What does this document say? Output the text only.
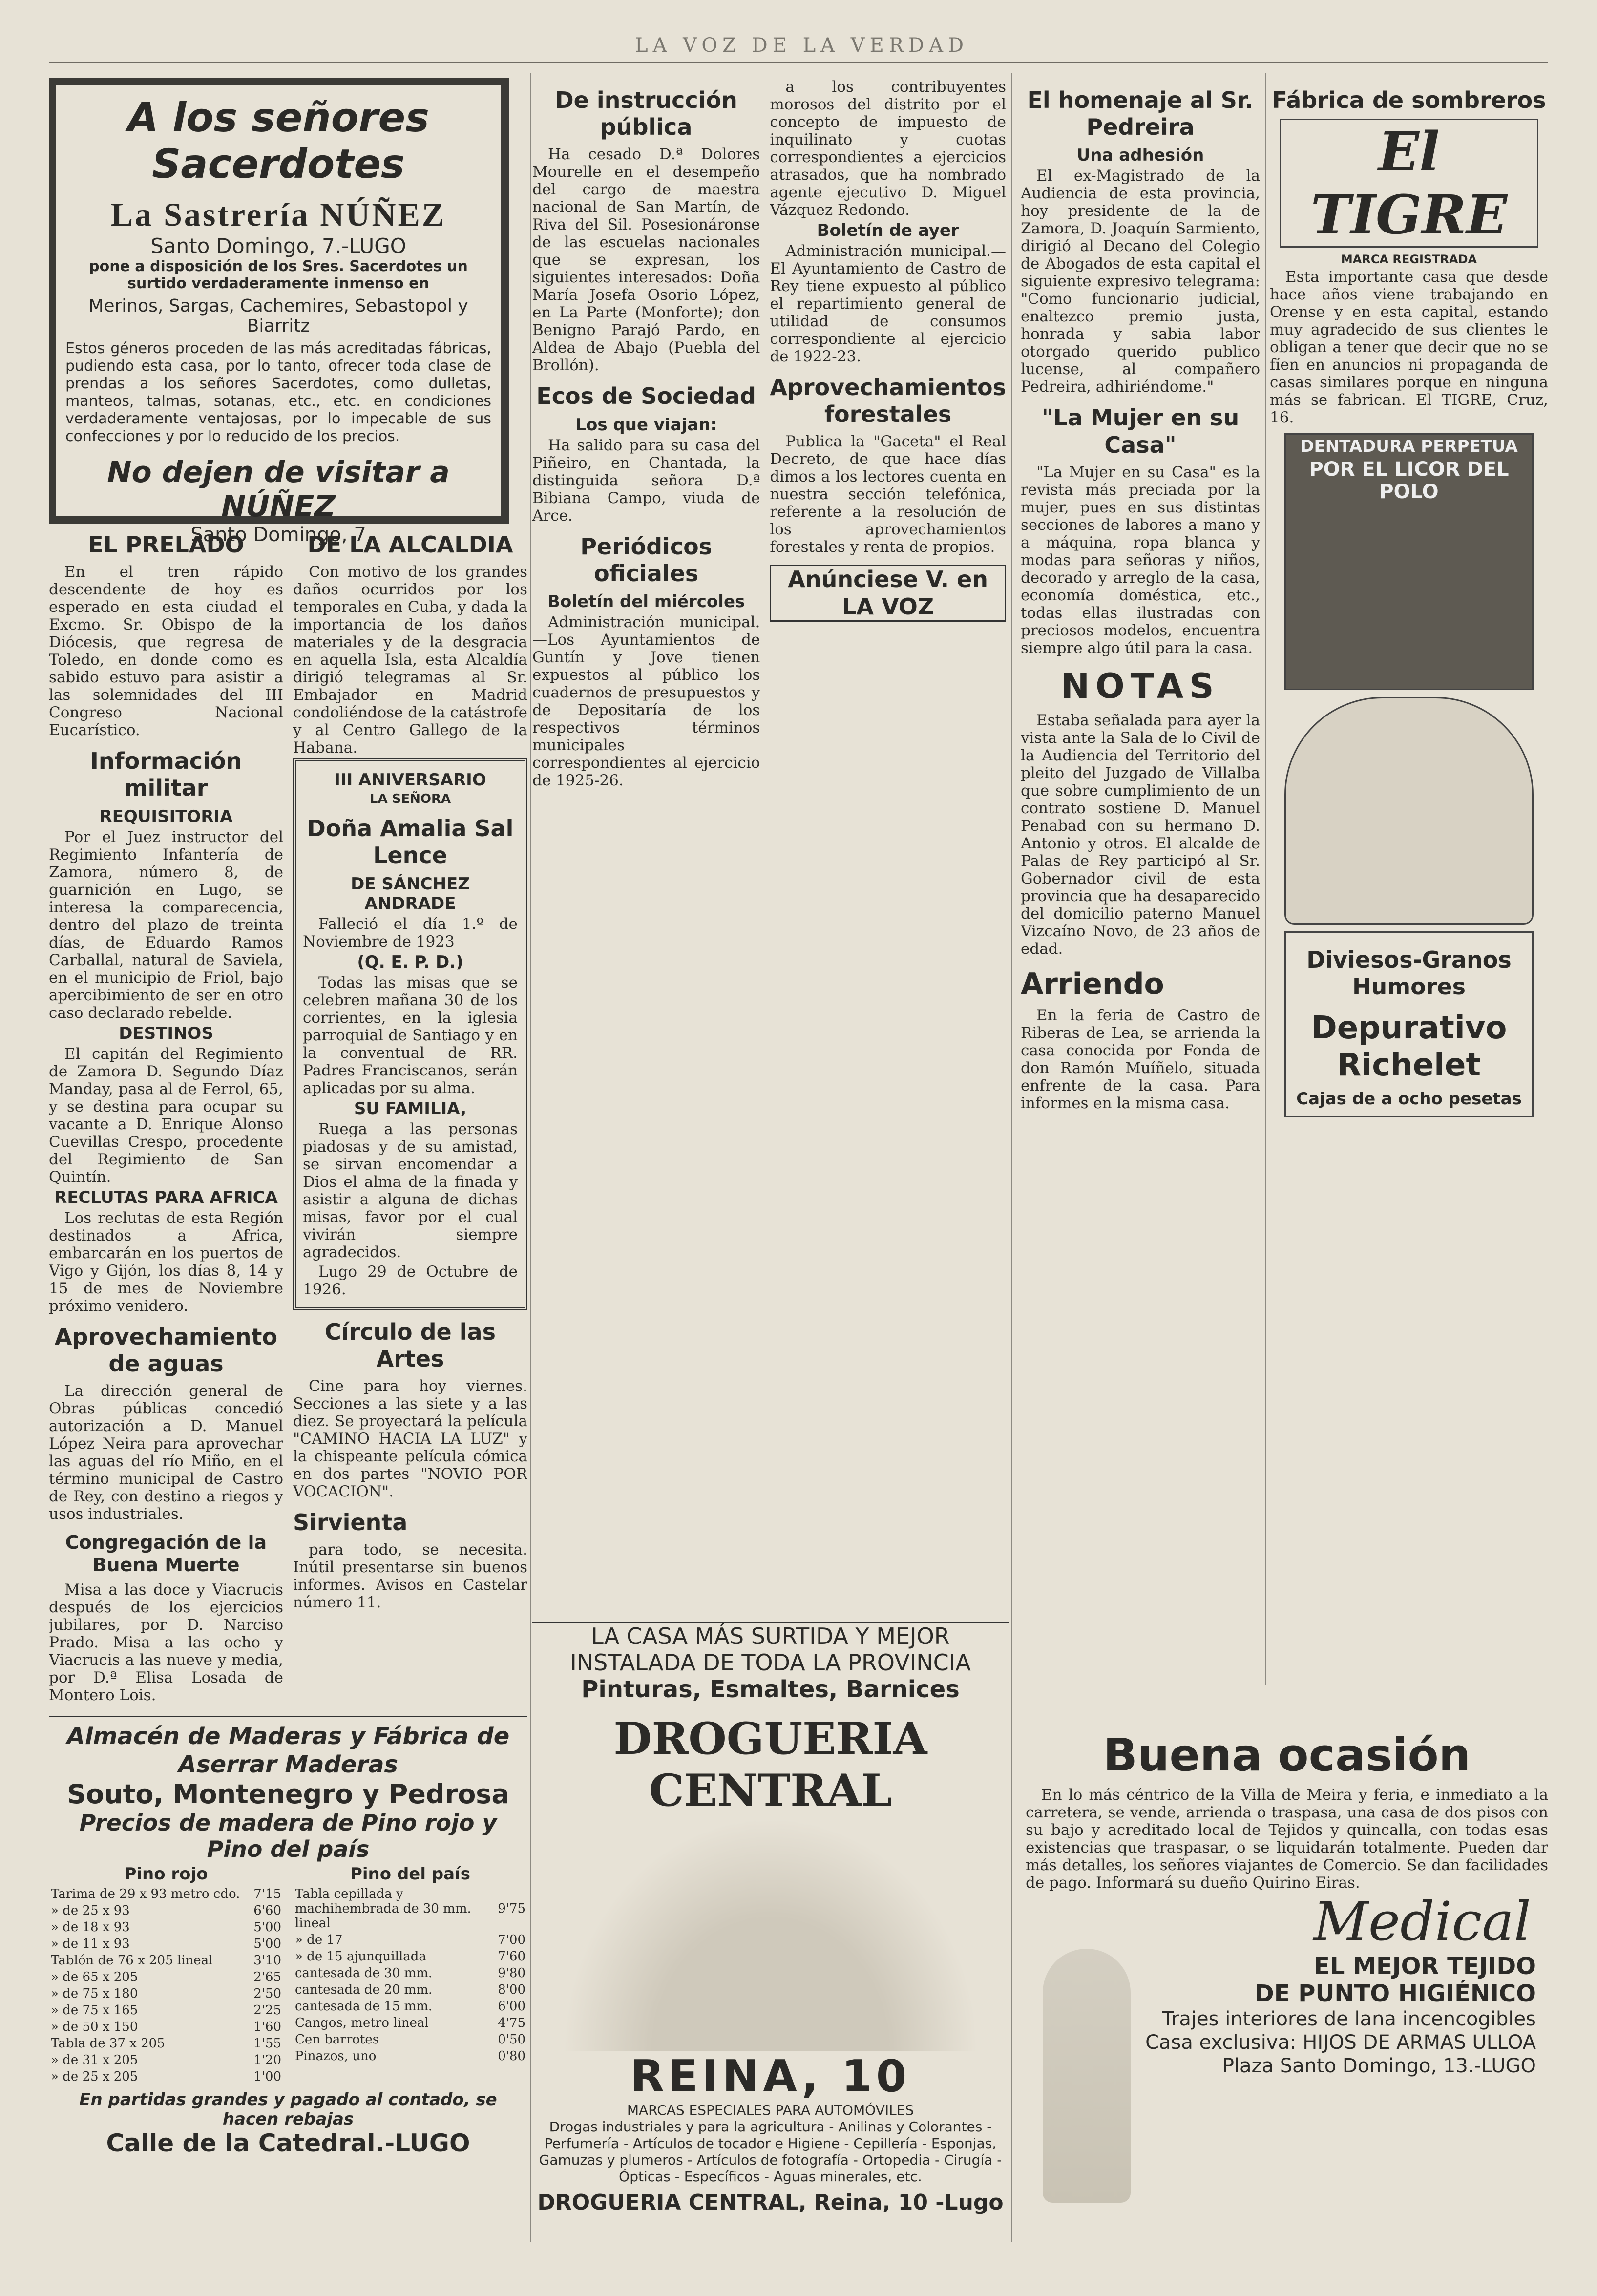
LA VOZ DE LA VERDAD
A los señores Sacerdotes
La Sastrería NÚÑEZ
Santo Domingo, 7.-LUGO
pone a disposición de los Sres. Sacerdotes un surtido verdaderamente inmenso en
Merinos, Sargas, Cachemires, Sebastopol y Biarritz
Estos géneros proceden de las más acreditadas fábricas, pudiendo esta casa, por lo tanto, ofrecer toda clase de prendas a los señores Sacerdotes, como dulletas, manteos, talmas, sotanas, etc., etc. en condiciones verdaderamente ventajosas, por lo impecable de sus confecciones y por lo reducido de los precios.
No dejen de visitar a NÚÑEZ
Santo Domingo, 7
EL PRELADO

En el tren rápido descendente de hoy es esperado en esta ciudad el Excmo. Sr. Obispo de la Diócesis, que regresa de Toledo, en donde como es sabido estuvo para asistir a las solemnidades del III Congreso Nacional Eucarístico.

Información militar
REQUISITORIA

Por el Juez instructor del Regimiento Infantería de Zamora, número 8, de guarnición en Lugo, se interesa la comparecencia, dentro del plazo de treinta días, de Eduardo Ramos Carballal, natural de Saviela, en el municipio de Friol, bajo apercibimiento de ser en otro caso declarado rebelde.

DESTINOS

El capitán del Regimiento de Zamora D. Segundo Díaz Manday, pasa al de Ferrol, 65, y se destina para ocupar su vacante a D. Enrique Alonso Cuevillas Crespo, procedente del Regimiento de San Quintín.

RECLUTAS PARA AFRICA

Los reclutas de esta Región destinados a Africa, embarcarán en los puertos de Vigo y Gijón, los días 8, 14 y 15 de mes de Noviembre próximo venidero.

Aprovechamiento de aguas

La dirección general de Obras públicas concedió autorización a D. Manuel López Neira para aprovechar las aguas del río Miño, en el término municipal de Castro de Rey, con destino a riegos y usos industriales.

Congregación de la Buena Muerte

Misa a las doce y Viacrucis después de los ejercicios jubilares, por D. Narciso Prado. Misa a las ocho y Viacrucis a las nueve y media, por D.ª Elisa Losada de Montero Lois.

DE LA ALCALDIA

Con motivo de los grandes daños ocurridos por los temporales en Cuba, y dada la importancia de los daños materiales y de la desgracia en aquella Isla, esta Alcaldía dirigió telegramas al Sr. Embajador en Madrid condoliéndose de la catástrofe y al Centro Gallego de la Habana.

III ANIVERSARIO
LA SEÑORA
Doña Amalia Sal Lence
DE SÁNCHEZ ANDRADE

Falleció el día 1.º de Noviembre de 1923

(Q. E. P. D.)

Todas las misas que se celebren mañana 30 de los corrientes, en la iglesia parroquial de Santiago y en la conventual de RR. Padres Franciscanos, serán aplicadas por su alma.

SU FAMILIA,

Ruega a las personas piadosas y de su amistad, se sirvan encomendar a Dios el alma de la finada y asistir a alguna de dichas misas, favor por el cual vivirán siempre agradecidos.

Lugo 29 de Octubre de 1926.

Círculo de las Artes

Cine para hoy viernes. Secciones a las siete y a las diez. Se proyectará la película "CAMINO HACIA LA LUZ" y la chispeante película cómica en dos partes "NOVIO POR VOCACION".

Sirvienta

para todo, se necesita. Inútil presentarse sin buenos informes. Avisos en Castelar número 11.

Almacén de Maderas y Fábrica de Aserrar Maderas
Souto, Montenegro y Pedrosa
Precios de madera de Pino rojo y Pino del país
Pino rojo
Tarima de 29 x 93 metro cdo.	7'15
» de 25 x 93	6'60
» de 18 x 93	5'00
» de 11 x 93	5'00
Tablón de 76 x 205 lineal	3'10
» de 65 x 205	2'65
» de 75 x 180	2'50
» de 75 x 165	2'25
» de 50 x 150	1'60
Tabla de 37 x 205	1'55
» de 31 x 205	1'20
» de 25 x 205	1'00
Pino del país
Tabla cepillada y machihembrada de 30 mm. lineal	9'75
» de 17	7'00
» de 15 ajunquillada	7'60
cantesada de 30 mm.	9'80
cantesada de 20 mm.	8'00
cantesada de 15 mm.	6'00
Cangos, metro lineal	4'75
Cen barrotes	0'50
Pinazos, uno	0'80
En partidas grandes y pagado al contado, se hacen rebajas
Calle de la Catedral.-LUGO
De instrucción pública

Ha cesado D.ª Dolores Mourelle en el desempeño del cargo de maestra nacional de San Martín, de Riva del Sil. Posesionáronse de las escuelas nacionales que se expresan, los siguientes interesados: Doña María Josefa Osorio López, en La Parte (Monforte); don Benigno Parajó Pardo, en Aldea de Abajo (Puebla del Brollón).

Ecos de Sociedad
Los que viajan:

Ha salido para su casa del Piñeiro, en Chantada, la distinguida señora D.ª Bibiana Campo, viuda de Arce.

Periódicos oficiales
Boletín del miércoles

Administración municipal.—Los Ayuntamientos de Guntín y Jove tienen expuestos al público los cuadernos de presupuestos y de Depositaría de los respectivos términos municipales correspondientes al ejercicio de 1925-26.

a los contribuyentes morosos del distrito por el concepto de impuesto de inquilinato y cuotas correspondientes a ejercicios atrasados, que ha nombrado agente ejecutivo D. Miguel Vázquez Redondo.

Boletín de ayer

Administración municipal.—El Ayuntamiento de Castro de Rey tiene expuesto al público el repartimiento general de utilidad de consumos correspondiente al ejercicio de 1922-23.

Aprovechamientos forestales

Publica la "Gaceta" el Real Decreto, de que hace días dimos a los lectores cuenta en nuestra sección telefónica, referente a la resolución de los aprovechamientos forestales y renta de propios.

Anúnciese V. en LA VOZ
LA CASA MÁS SURTIDA Y MEJOR INSTALADA DE TODA LA PROVINCIA
Pinturas, Esmaltes, Barnices
DROGUERIA CENTRAL
REINA, 10
MARCAS ESPECIALES PARA AUTOMÓVILES
Drogas industriales y para la agricultura - Anilinas y Colorantes - Perfumería - Artículos de tocador e Higiene - Cepillería - Esponjas, Gamuzas y plumeros - Artículos de fotografía - Ortopedia - Cirugía - Ópticas - Específicos - Aguas minerales, etc.
DROGUERIA CENTRAL, Reina, 10 -Lugo
El homenaje al Sr. Pedreira
Una adhesión

El ex-Magistrado de la Audiencia de esta provincia, hoy presidente de la de Zamora, D. Joaquín Sarmiento, dirigió al Decano del Colegio de Abogados de esta capital el siguiente expresivo telegrama: "Como funcionario judicial, enaltezco premio justa, honrada y sabia labor otorgado querido publico lucense, al compañero Pedreira, adhiriéndome."

"La Mujer en su Casa"

"La Mujer en su Casa" es la revista más preciada por la mujer, pues en sus distintas secciones de labores a mano y a máquina, ropa blanca y modas para señoras y niños, decorado y arreglo de la casa, economía doméstica, etc., todas ellas ilustradas con preciosos modelos, encuentra siempre algo útil para la casa.

NOTAS

Estaba señalada para ayer la vista ante la Sala de lo Civil de la Audiencia del Territorio del pleito del Juzgado de Villalba que sobre cumplimiento de un contrato sostiene D. Manuel Penabad con su hermano D. Antonio y otros. El alcalde de Palas de Rey participó al Sr. Gobernador civil de esta provincia que ha desaparecido del domicilio paterno Manuel Vizcaíno Novo, de 23 años de edad.

Arriendo

En la feria de Castro de Riberas de Lea, se arrienda la casa conocida por Fonda de don Ramón Muíñelo, situada enfrente de la casa. Para informes en la misma casa.

Fábrica de sombreros
El TIGRE
MARCA REGISTRADA

Esta importante casa que desde hace años viene trabajando en Orense y en esta capital, estando muy agradecido de sus clientes le obligan a tener que decir que no se fíen en anuncios ni propaganda de casas similares porque en ninguna más se fabrican. El TIGRE, Cruz, 16.

DENTADURA PERPETUA
POR EL LICOR DEL POLO
Diviesos-Granos Humores
Depurativo Richelet
Cajas de a ocho pesetas
Buena ocasión

En lo más céntrico de la Villa de Meira y feria, e inmediato a la carretera, se vende, arrienda o traspasa, una casa de dos pisos con su bajo y acreditado local de Tejidos y quincalla, con todas esas existencias que traspasar, o se liquidarán totalmente. Pueden dar más detalles, los señores viajantes de Comercio. Se dan facilidades de pago. Informará su dueño Quirino Eiras.

Medical
EL MEJOR TEJIDO
DE PUNTO HIGIÉNICO
Trajes interiores de lana incencogibles
Casa exclusiva: HIJOS DE ARMAS ULLOA
Plaza Santo Domingo, 13.-LUGO
